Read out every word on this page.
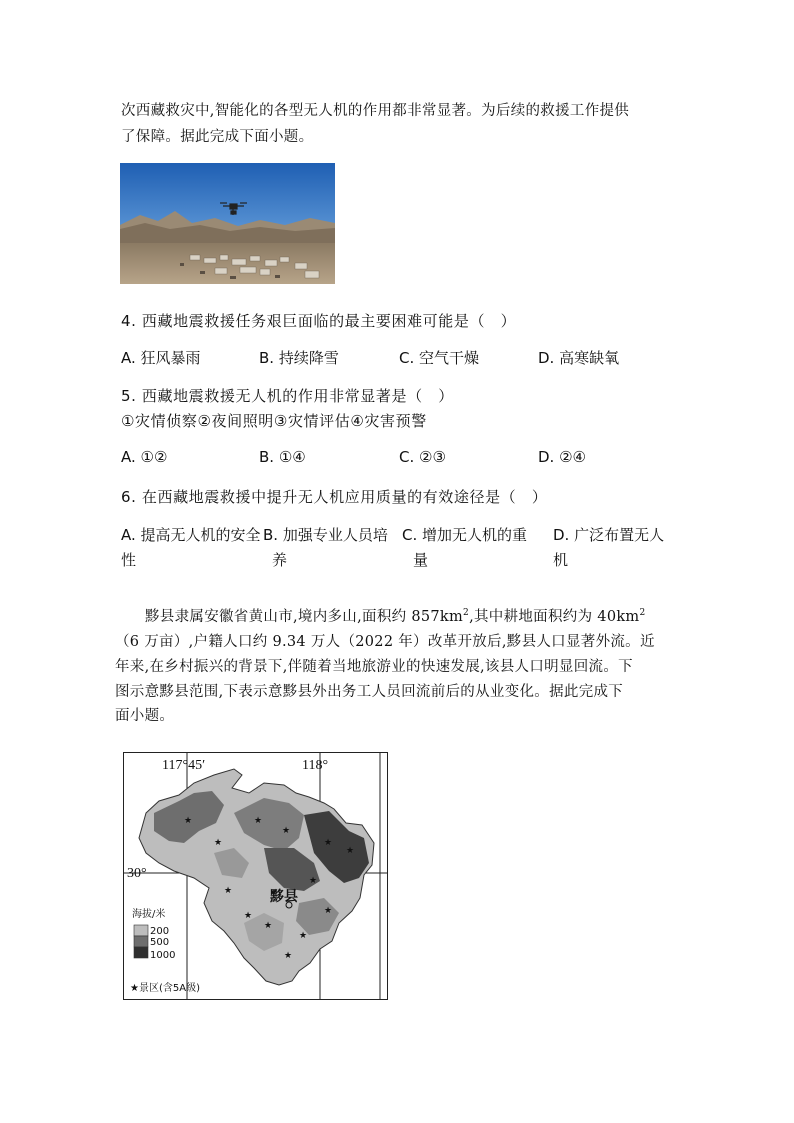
次西藏救灾中,智能化的各型无人机的作用都非常显著。为后续的救援工作提供
了保障。据此完成下面小题。
4. 西藏地震救援任务艰巨面临的最主要困难可能是（　）
A. 狂风暴雨	B. 持续降雪	C. 空气干燥	D. 高寒缺氧
5. 西藏地震救援无人机的作用非常显著是（　）
①灾情侦察②夜间照明③灾情评估④灾害预警
A. ①②	B. ①④	C. ②③	D. ②④
6. 在西藏地震救援中提升无人机应用质量的有效途径是（　）
A. 提高无人机的安全 B. 加强专业人员培 C. 增加无人机的重 D. 广泛布置无人
性	养	量	机
黟县隶属安徽省黄山市,境内多山,面积约 $857km^2$,其中耕地面积约为 $40km^2$
（6 万亩）,户籍人口约 9.34 万人（2022 年）改革开放后,黟县人口显著外流。近
年来,在乡村振兴的背景下,伴随着当地旅游业的快速发展,该县人口明显回流。下
图示意黟县范围,下表示意黟县外出务工人员回流前后的从业变化。据此完成下
面小题。
黟县
★
★
★
★
★
★
★
★
★
★
★
★
★
117°45′	118°
30°
海拔/米
200
500
1000
★景区(含5A级)
